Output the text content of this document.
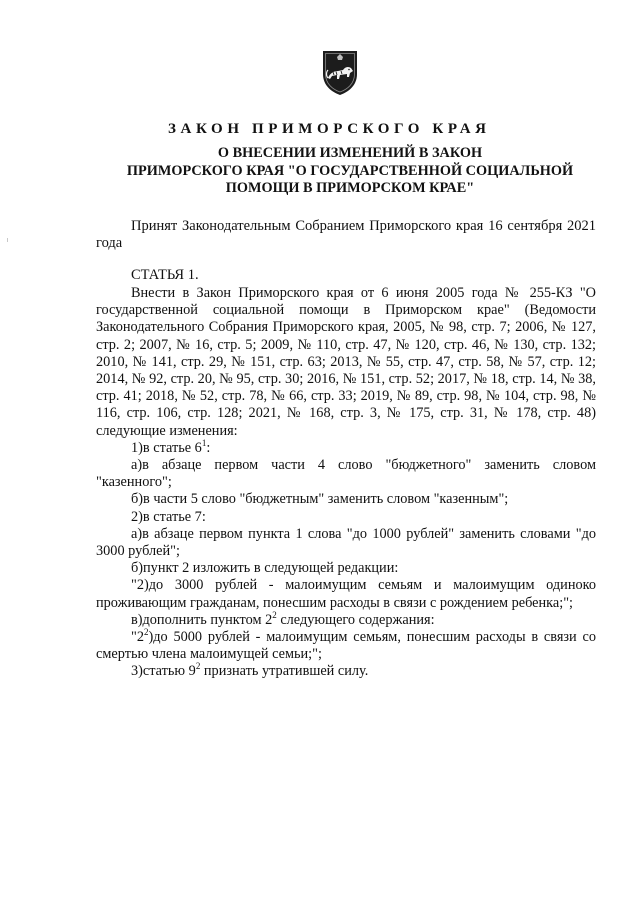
ЗАКОН ПРИМОРСКОГО КРАЯ
О ВНЕСЕНИИ ИЗМЕНЕНИЙ В ЗАКОН
ПРИМОРСКОГО КРАЯ "О ГОСУДАРСТВЕННОЙ СОЦИАЛЬНОЙ
ПОМОЩИ В ПРИМОРСКОМ КРАЕ"

Принят Законодательным Собранием Приморского края 16 сентября 2021 года

СТАТЬЯ 1.

Внести в Закон Приморского края от 6 июня 2005 года № 255-КЗ "О государственной социальной помощи в Приморском крае" (Ведомости Законодательного Собрания Приморского края, 2005, № 98, стр. 7; 2006, № 127, стр. 2; 2007, № 16, стр. 5; 2009, № 110, стр. 47, № 120, стр. 46, № 130, стр. 132; 2010, № 141, стр. 29, № 151, стр. 63; 2013, № 55, стр. 47, стр. 58, № 57, стр. 12; 2014, № 92, стр. 20, № 95, стр. 30; 2016, № 151, стр. 52; 2017, № 18, стр. 14, № 38, стр. 41; 2018, № 52, стр. 78, № 66, стр. 33; 2019, № 89, стр. 98, № 104, стр. 98, № 116, стр. 106, стр. 128; 2021, № 168, стр. 3, № 175, стр. 31, № 178, стр. 48) следующие изменения:

1)в статье $6^1$:

а)в абзаце первом части 4 слово "бюджетного" заменить словом "казенного";

б)в части 5 слово "бюджетным" заменить словом "казенным";

2)в статье 7:

а)в абзаце первом пункта 1 слова "до 1000 рублей" заменить словами "до 3000 рублей";

б)пункт 2 изложить в следующей редакции:

"2)до 3000 рублей - малоимущим семьям и малоимущим одиноко проживающим гражданам, понесшим расходы в связи с рождением ребенка;";

в)дополнить пунктом $2^2$ следующего содержания:

"$2^2)до$ 5000 рублей - малоимущим семьям, понесшим расходы в связи со смертью члена малоимущей семьи;";

3)статью $9^2$ признать утратившей силу.
